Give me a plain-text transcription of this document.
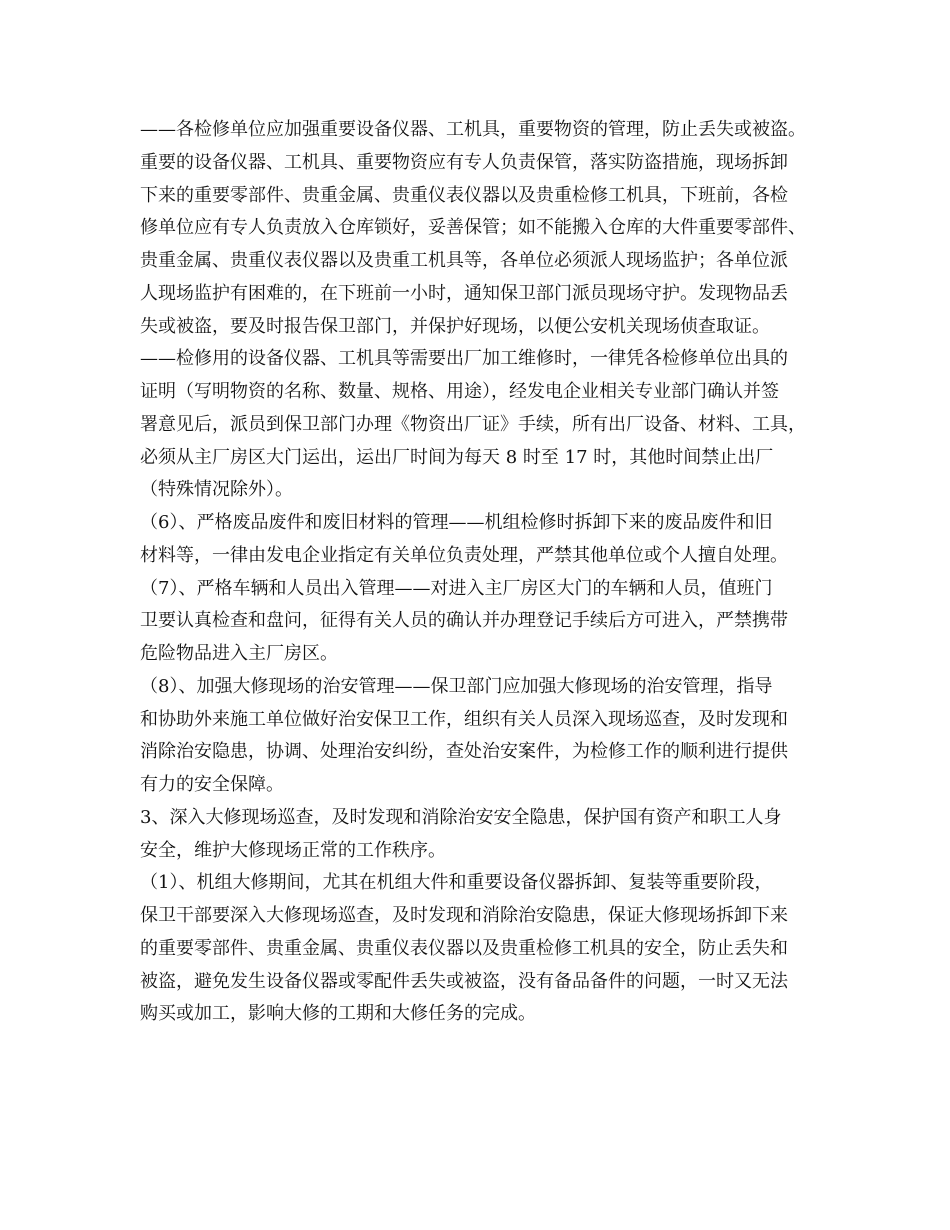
——各检修单位应加强重要设备仪器、工机具，重要物资的管理，防止丢失或被盗。
重要的设备仪器、工机具、重要物资应有专人负责保管，落实防盗措施，现场拆卸
下来的重要零部件、贵重金属、贵重仪表仪器以及贵重检修工机具，下班前，各检
修单位应有专人负责放入仓库锁好，妥善保管；如不能搬入仓库的大件重要零部件、
贵重金属、贵重仪表仪器以及贵重工机具等，各单位必须派人现场监护；各单位派
人现场监护有困难的，在下班前一小时，通知保卫部门派员现场守护。发现物品丢
失或被盗，要及时报告保卫部门，并保护好现场，以便公安机关现场侦查取证。
——检修用的设备仪器、工机具等需要出厂加工维修时，一律凭各检修单位出具的
证明（写明物资的名称、数量、规格、用途），经发电企业相关专业部门确认并签
署意见后，派员到保卫部门办理《物资出厂证》手续，所有出厂设备、材料、工具，
必须从主厂房区大门运出，运出厂时间为每天 8 时至 17 时，其他时间禁止出厂
（特殊情况除外）。
（6）、严格废品废件和废旧材料的管理——机组检修时拆卸下来的废品废件和旧
材料等，一律由发电企业指定有关单位负责处理，严禁其他单位或个人擅自处理。
（7）、严格车辆和人员出入管理——对进入主厂房区大门的车辆和人员，值班门
卫要认真检查和盘问，征得有关人员的确认并办理登记手续后方可进入，严禁携带
危险物品进入主厂房区。
（8）、加强大修现场的治安管理——保卫部门应加强大修现场的治安管理，指导
和协助外来施工单位做好治安保卫工作，组织有关人员深入现场巡查，及时发现和
消除治安隐患，协调、处理治安纠纷，查处治安案件，为检修工作的顺利进行提供
有力的安全保障。
3、深入大修现场巡查，及时发现和消除治安安全隐患，保护国有资产和职工人身
安全，维护大修现场正常的工作秩序。
（1）、机组大修期间，尤其在机组大件和重要设备仪器拆卸、复装等重要阶段，
保卫干部要深入大修现场巡查，及时发现和消除治安隐患，保证大修现场拆卸下来
的重要零部件、贵重金属、贵重仪表仪器以及贵重检修工机具的安全，防止丢失和
被盗，避免发生设备仪器或零配件丢失或被盗，没有备品备件的问题，一时又无法
购买或加工，影响大修的工期和大修任务的完成。
